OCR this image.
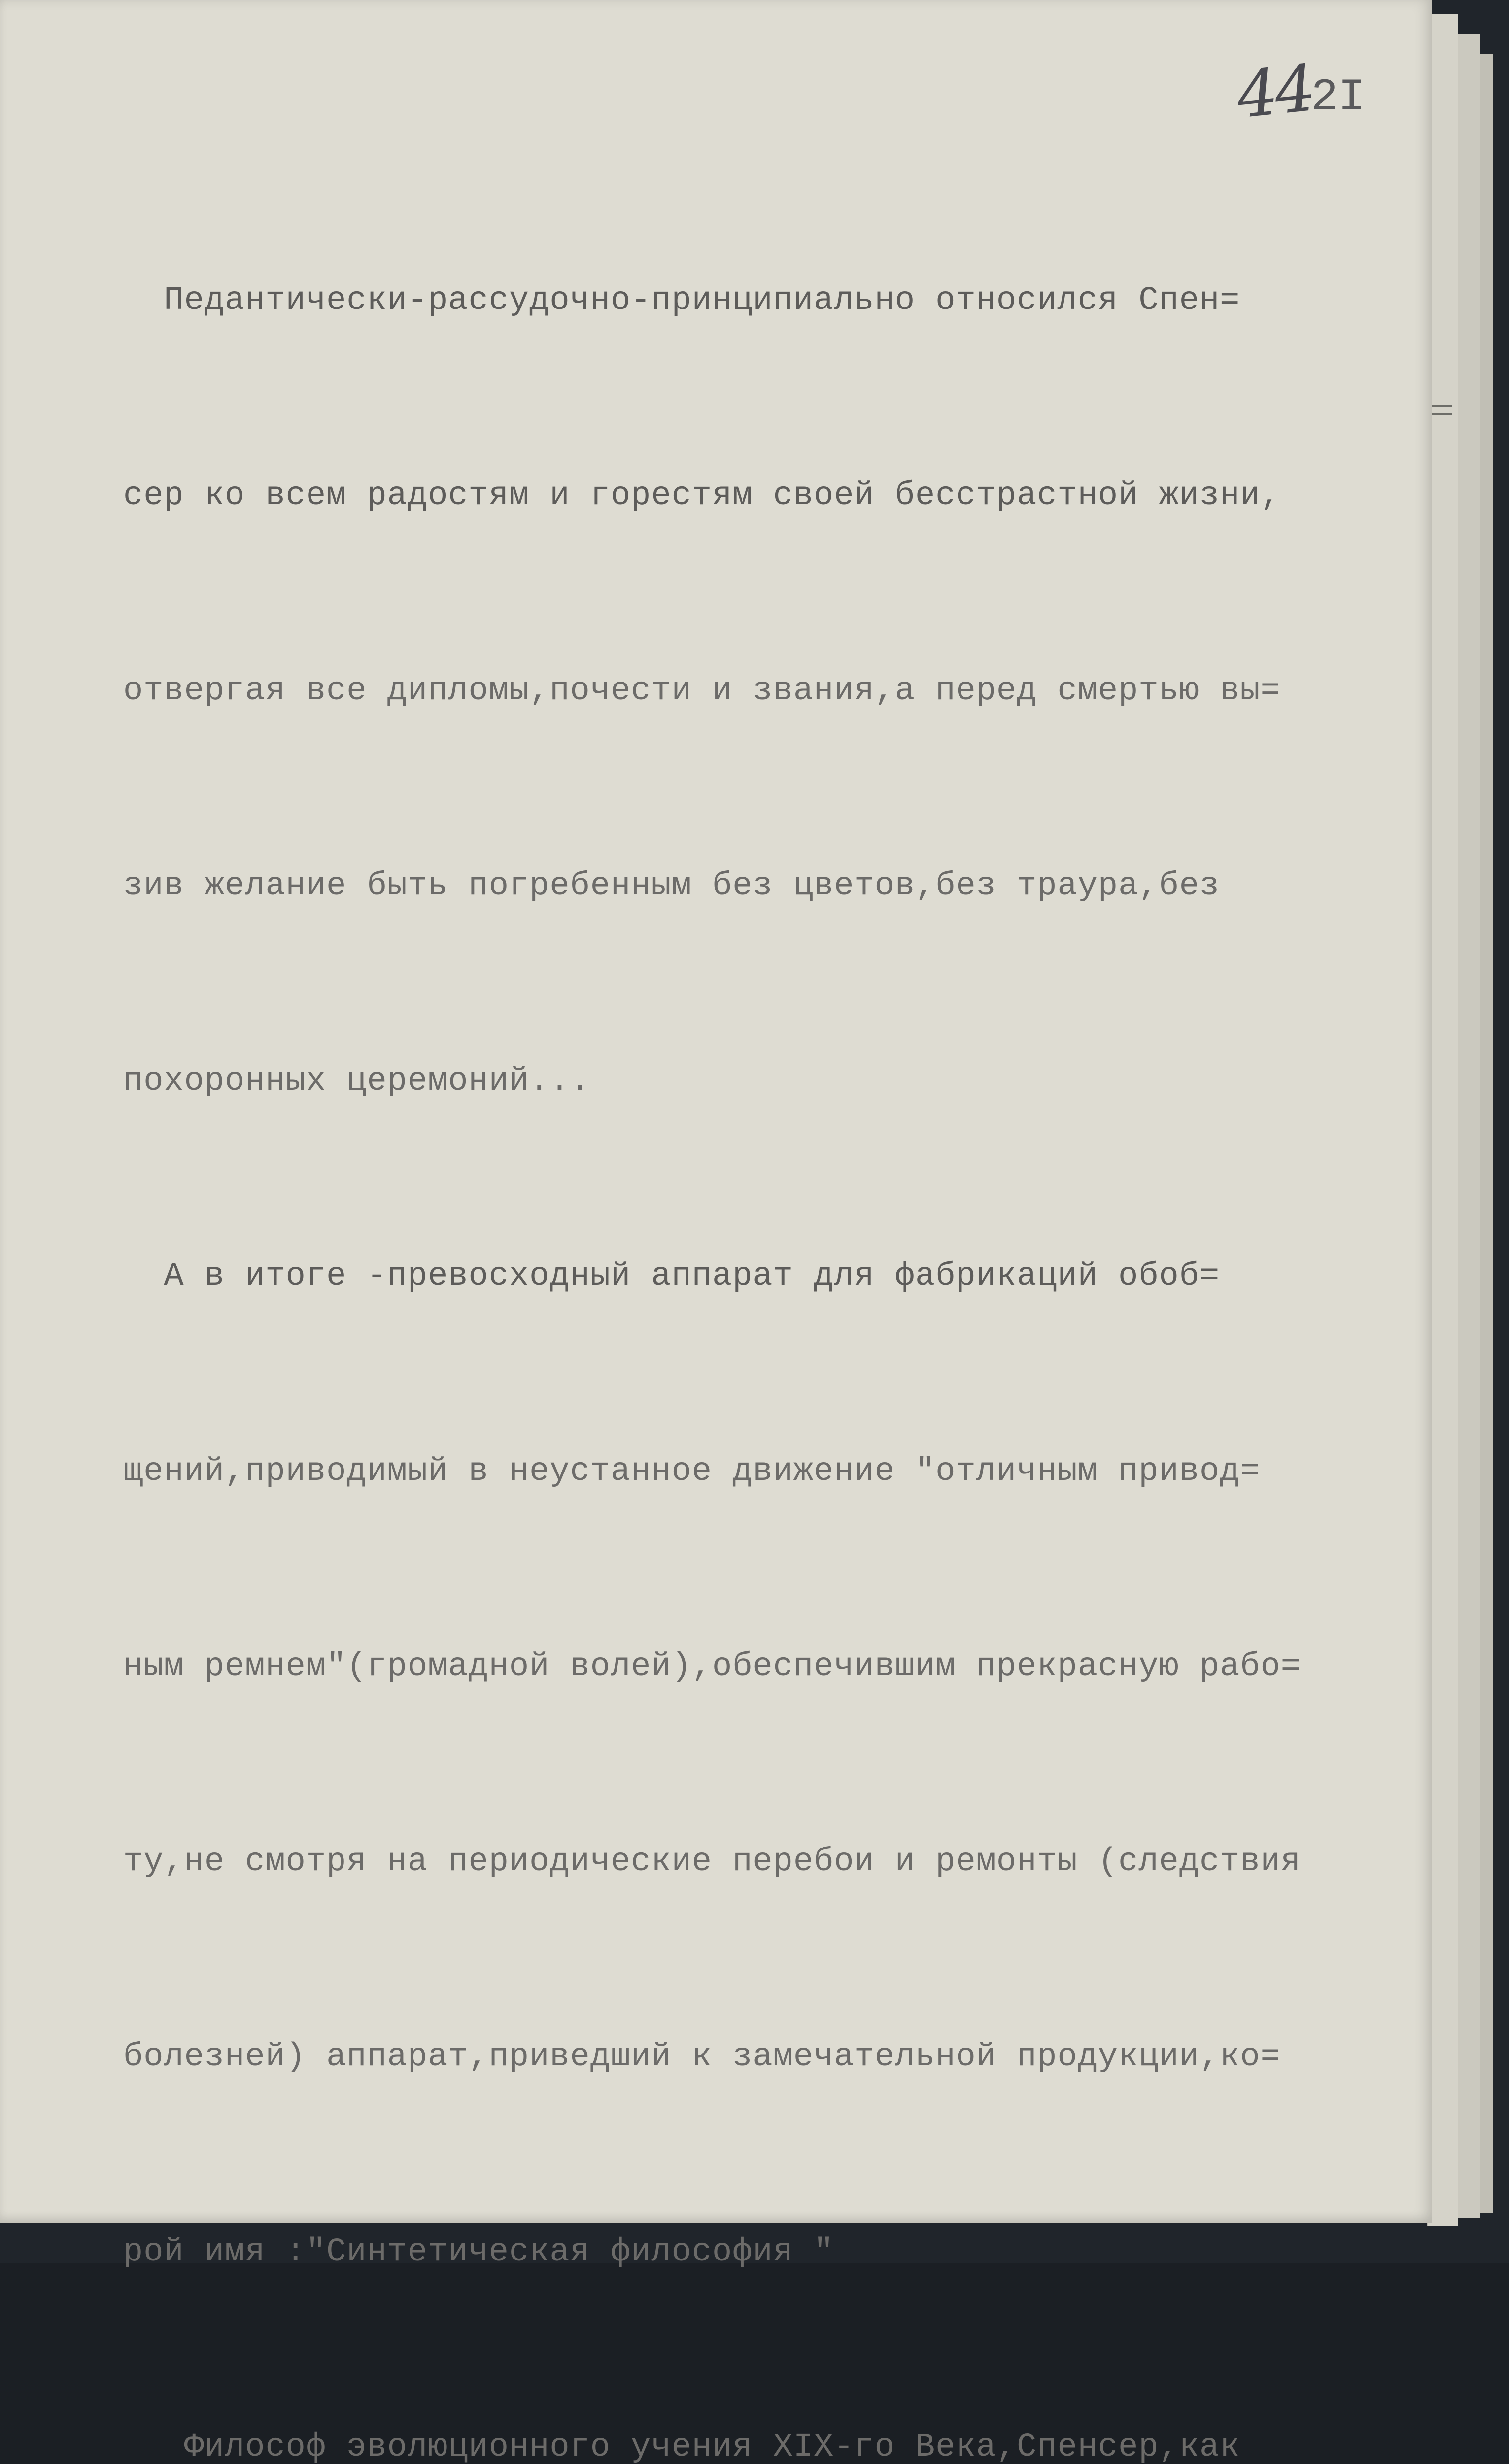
44
2I

Педантически-рассудочно-принципиально относился Спен=

сер ко всем радостям и горестям своей бесстрастной жизни,

отвергая все дипломы,почести и звания,а перед смертью вы=

зив желание быть погребенным без цветов,без траура,без

похоронных церемоний...

А в итоге -превосходный аппарат для фабрикаций обоб=

щений,приводимый в неустанное движение "отличным привод=

ным ремнем"(громадной волей),обеспечившим прекрасную рабо=

ту,не смотря на периодические перебои и ремонты (следствия

болезней) аппарат,приведший к замечательной продукции,ко=

рой имя :"Синтетическая философия "

Философ эволюционного учения XIX-го Века,Спенсер,как
